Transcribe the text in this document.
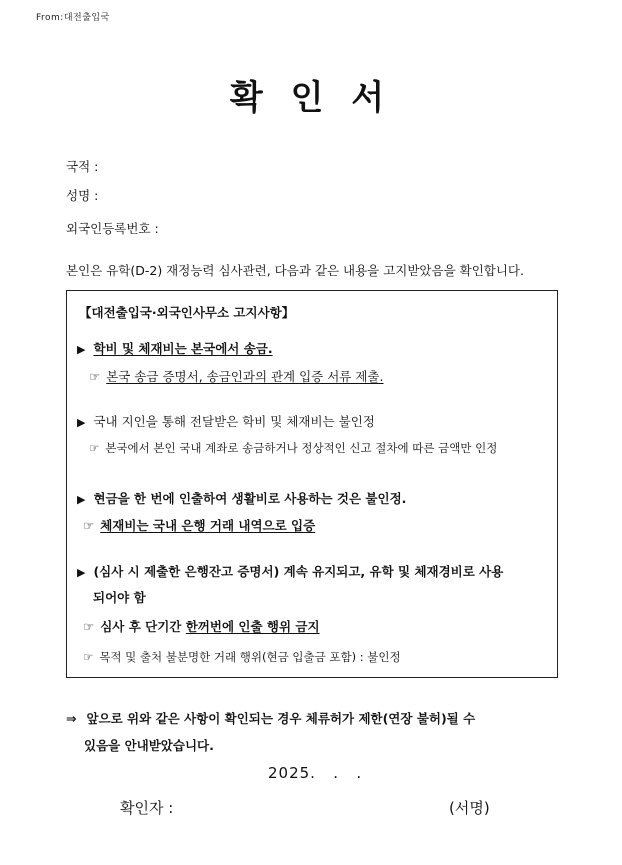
From:대전출입국
확 인 서
국적 :
성명 :
외국인등록번호 :
본인은 유학(D-2) 재정능력 심사관련, 다음과 같은 내용을 고지받았음을 확인합니다.
【대전출입국·외국인사무소 고지사항】
▶ 학비 및 체재비는 본국에서 송금.
☞ 본국 송금 증명서, 송금인과의 관계 입증 서류 제출.
▶ 국내 지인을 통해 전달받은 학비 및 체재비는 불인정
☞ 본국에서 본인 국내 계좌로 송금하거나 정상적인 신고 절차에 따른 금액만 인정
▶ 현금을 한 번에 인출하여 생활비로 사용하는 것은 불인정.
☞ 체재비는 국내 은행 거래 내역으로 입증
▶ (심사 시 제출한 은행잔고 증명서) 계속 유지되고, 유학 및 체재경비로 사용
되어야 함
☞ 심사 후 단기간 한꺼번에 인출 행위 금지
☞ 목적 및 출처 불분명한 거래 행위(현금 입출금 포함) : 불인정
⇒ 앞으로 위와 같은 사항이 확인되는 경우 체류허가 제한(연장 불허)될 수
있음을 안내받았습니다.
2025.   .   .
확인자 :	(서명)
